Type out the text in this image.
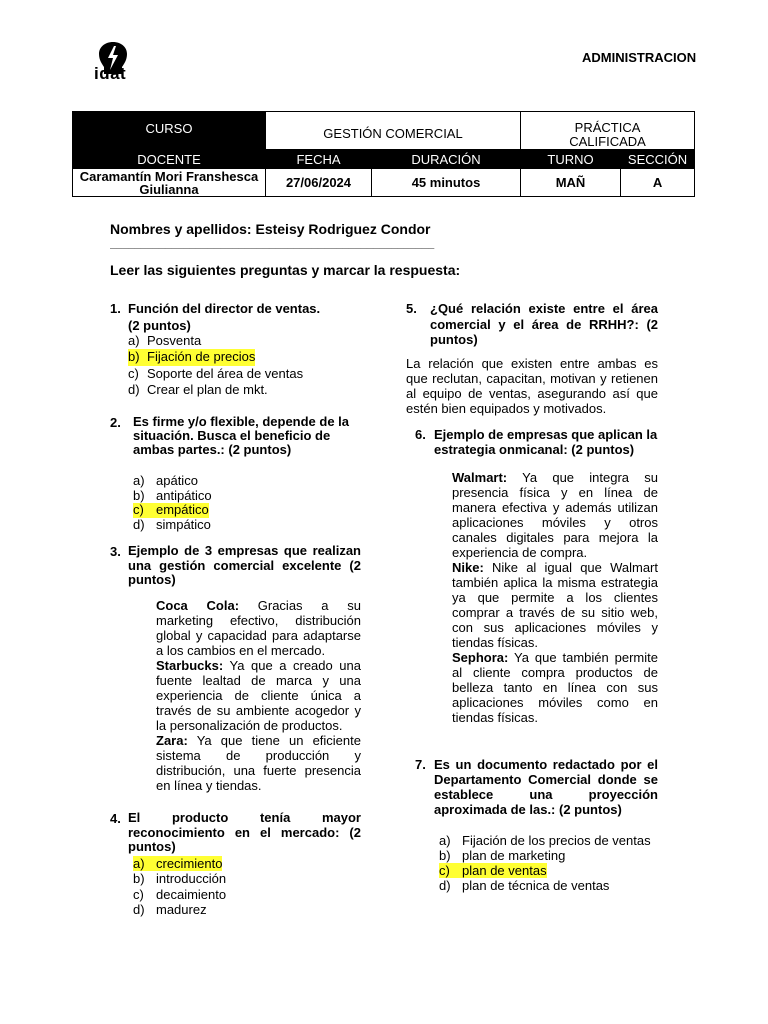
idat
ADMINISTRACION
CURSO	GESTIÓN COMERCIAL		PRÁCTICA
CALIFICADA	

DOCENTE	FECHA	DURACIÓN	TURNO	SECCIÓN

Caramantín Mori Franshesca
Giulianna	27/06/2024	45 minutos	MAÑ	A
Nombres y apellidos: Esteisy Rodriguez Condor
_____________________________________________________
Leer las siguientes preguntas y marcar la respuesta:
1. Función del director de ventas.
(2 puntos)
a) Posventa
b) Fijación de precios
c) Soporte del área de ventas
d) Crear el plan de mkt.
2. Es firme y/o flexible, depende de la
situación. Busca el beneficio de
ambas partes.: (2 puntos)
a) apático
b) antipático
c) empático
d) simpático
3. Ejemplo de 3 empresas que realizan
una gestión comercial excelente (2
puntos)

Coca Cola: Gracias a su marketing efectivo, distribución global y capacidad para adaptarse a los cambios en el mercado.

Starbucks: Ya que a creado una fuente lealtad de marca y una experiencia de cliente única a través de su ambiente acogedor y la personalización de productos.

Zara: Ya que tiene un eficiente sistema de producción y distribución, una fuerte presencia en línea y tiendas.

4. El producto tenía mayor
reconocimiento en el mercado: (2
puntos)
a) crecimiento
b) introducción
c) decaimiento
d) madurez
5. ¿Qué relación existe entre el área
comercial y el área de RRHH?: (2
puntos)
La relación que existen entre ambas es que reclutan, capacitan, motivan y retienen al equipo de ventas, asegurando así que estén bien equipados y motivados.
6. Ejemplo de empresas que aplican la
estrategia onmicanal: (2 puntos)

Walmart: Ya que integra su presencia física y en línea de manera efectiva y además utilizan aplicaciones móviles y otros canales digitales para mejora la experiencia de compra.

Nike: Nike al igual que Walmart también aplica la misma estrategia ya que permite a los clientes comprar a través de su sitio web, con sus aplicaciones móviles y tiendas físicas.

Sephora: Ya que también permite al cliente compra productos de belleza tanto en línea con sus aplicaciones móviles como en tiendas físicas.

7. Es un documento redactado por el
Departamento Comercial donde se
establece una proyección
aproximada de las.: (2 puntos)
a) Fijación de los precios de ventas
b) plan de marketing
c) plan de ventas
d) plan de técnica de ventas
